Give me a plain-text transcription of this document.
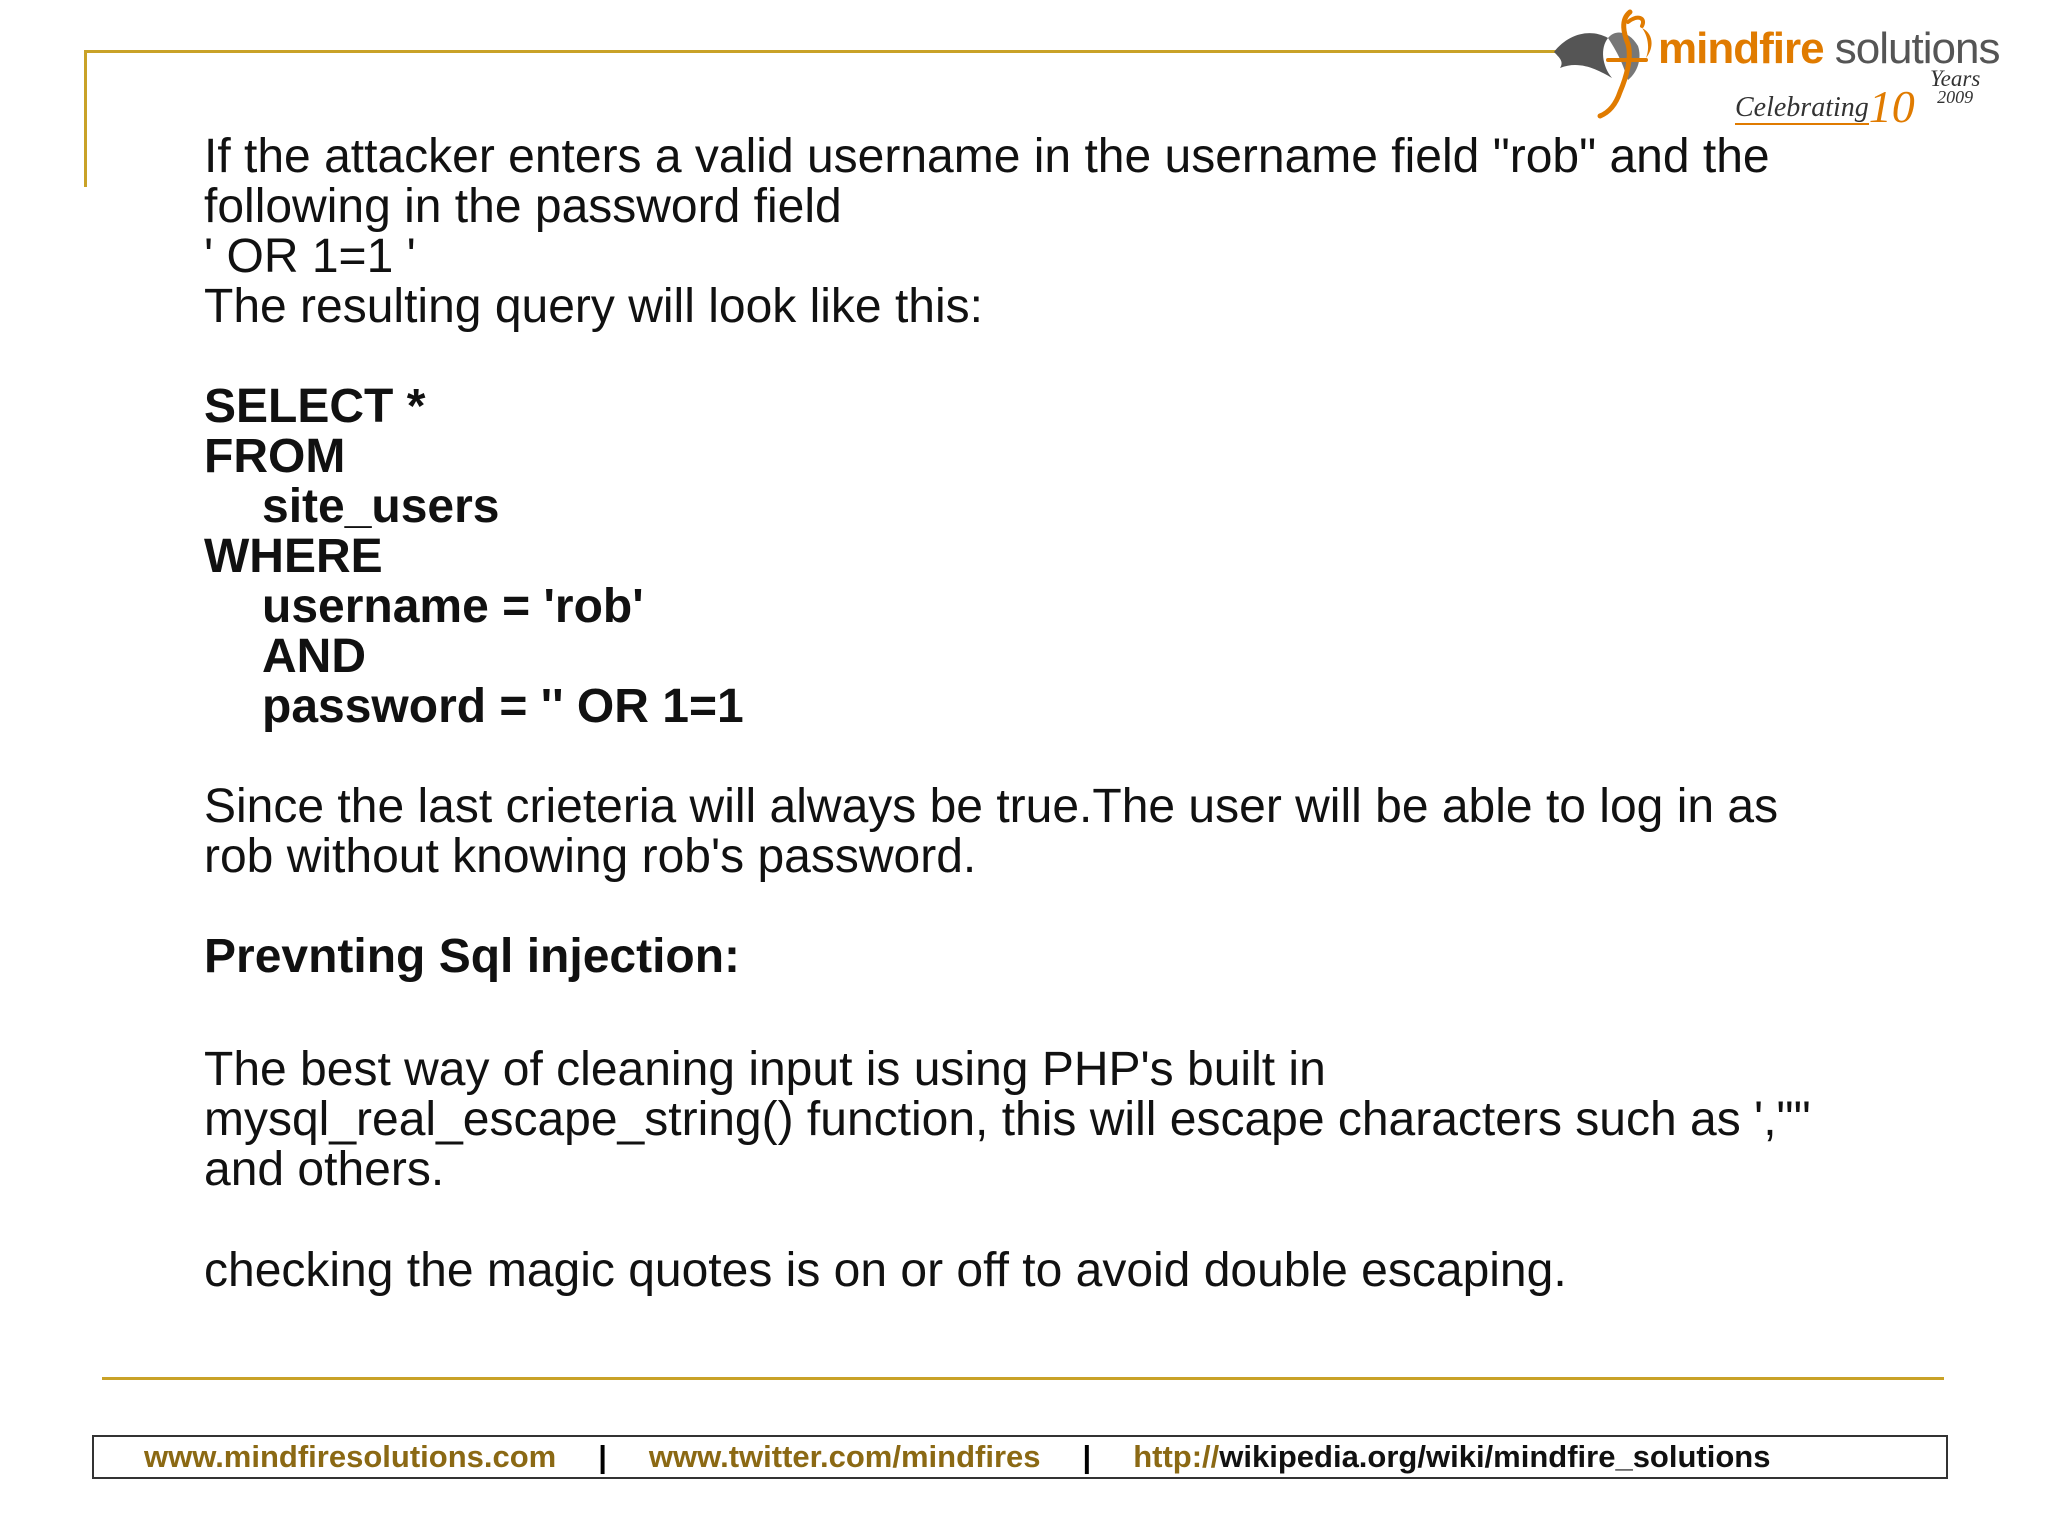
mindfire solutions
Celebrating10
Years
2009

If the attacker enters a valid username in the username field "rob" and the

following in the password field

' OR 1=1 '

The resulting query will look like this:

SELECT *

FROM

site_users

WHERE

username = 'rob'

AND

password = '' OR 1=1

Since the last crieteria will always be true.The user will be able to log in as

rob without knowing rob's password.

Prevnting Sql injection:

The best way of cleaning input is using PHP's built in

mysql_real_escape_string() function, this will escape characters such as ',""

and others.

checking the magic quotes is on or off to avoid double escaping.

www.mindfiresolutions.com | www.twitter.com/mindfires | http://wikipedia.org/wiki/mindfire_solutions
